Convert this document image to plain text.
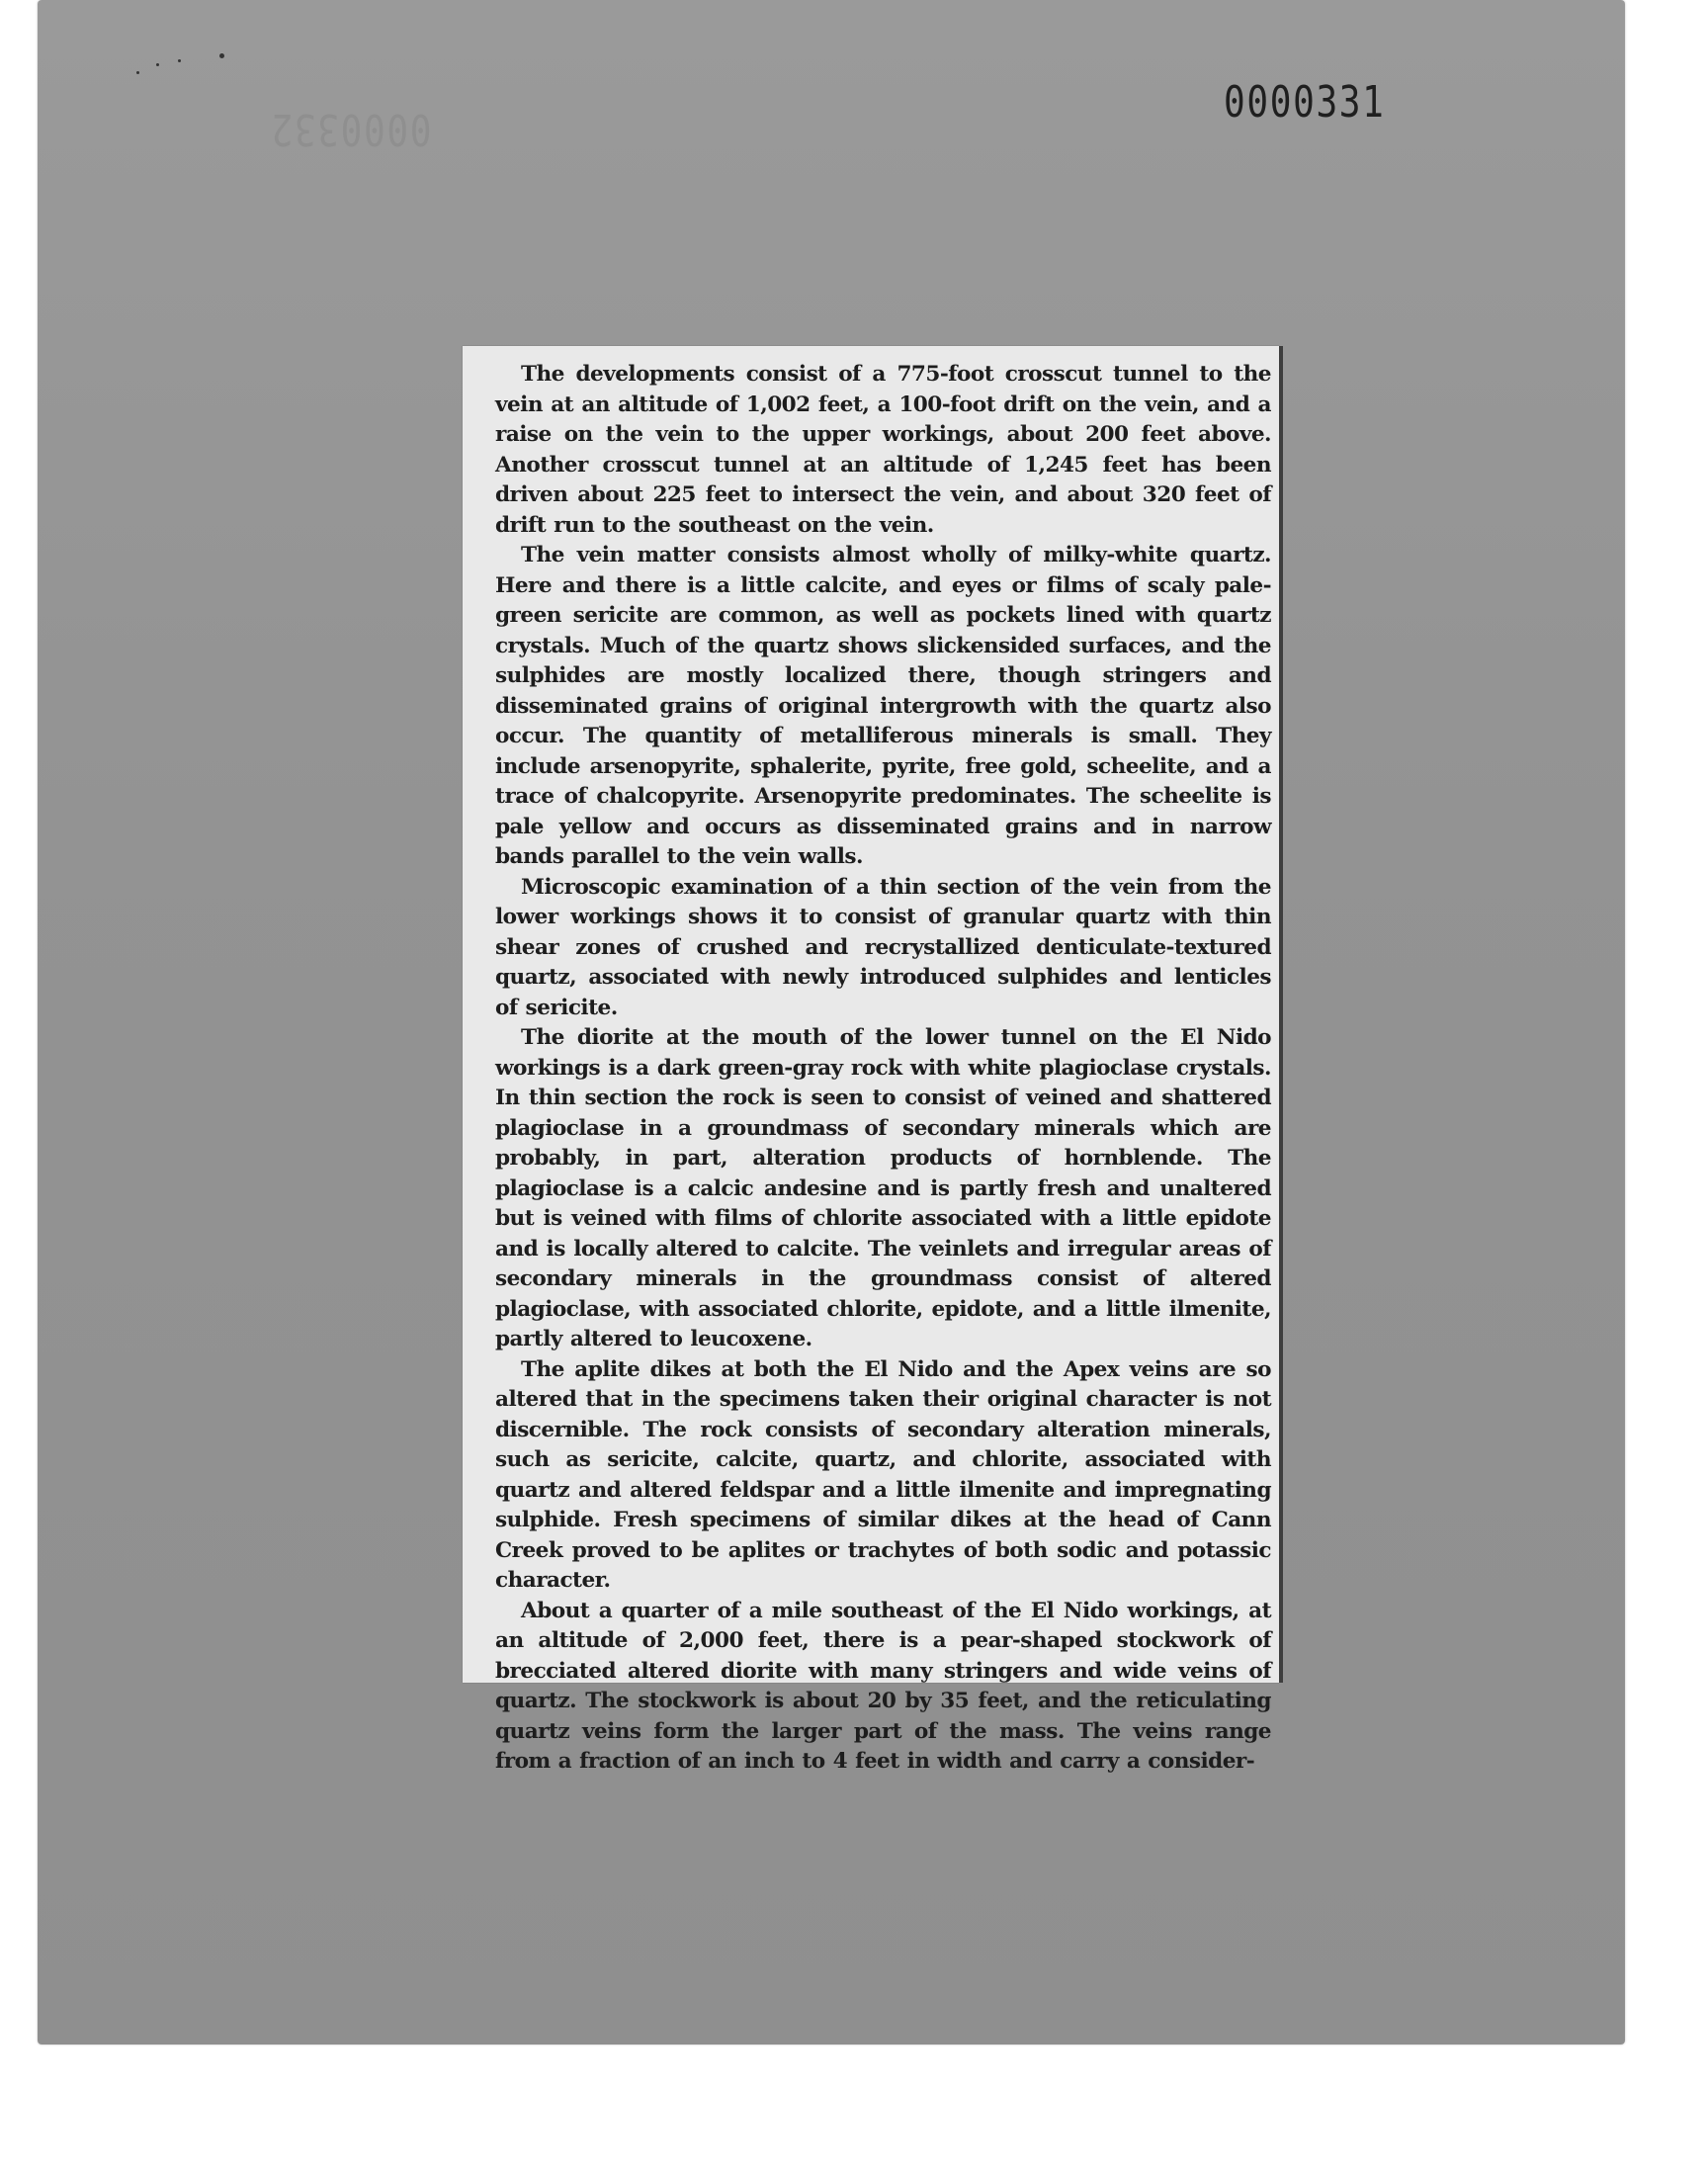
0000332
0000331

The developments consist of a 775-foot crosscut tunnel to the vein at an altitude of 1,002 feet, a 100-foot drift on the vein, and a raise on the vein to the upper workings, about 200 feet above. Another crosscut tunnel at an altitude of 1,245 feet has been driven about 225 feet to intersect the vein, and about 320 feet of drift run to the southeast on the vein.

The vein matter consists almost wholly of milky-white quartz. Here and there is a little calcite, and eyes or films of scaly pale-green sericite are common, as well as pockets lined with quartz crystals. Much of the quartz shows slickensided surfaces, and the sulphides are mostly localized there, though stringers and disseminated grains of original intergrowth with the quartz also occur. The quantity of metalliferous minerals is small. They include arsenopyrite, sphalerite, pyrite, free gold, scheelite, and a trace of chalcopyrite. Arsenopyrite predominates. The scheelite is pale yellow and occurs as disseminated grains and in narrow bands parallel to the vein walls.

Microscopic examination of a thin section of the vein from the lower workings shows it to consist of granular quartz with thin shear zones of crushed and recrystallized denticulate-textured quartz, associated with newly introduced sulphides and lenticles of sericite.

The diorite at the mouth of the lower tunnel on the El Nido workings is a dark green-gray rock with white plagioclase crystals. In thin section the rock is seen to consist of veined and shattered plagioclase in a groundmass of secondary minerals which are probably, in part, alteration products of hornblende. The plagioclase is a calcic andesine and is partly fresh and unaltered but is veined with films of chlorite associated with a little epidote and is locally altered to calcite. The veinlets and irregular areas of secondary minerals in the groundmass consist of altered plagioclase, with associated chlorite, epidote, and a little ilmenite, partly altered to leucoxene.

The aplite dikes at both the El Nido and the Apex veins are so altered that in the specimens taken their original character is not discernible. The rock consists of secondary alteration minerals, such as sericite, calcite, quartz, and chlorite, associated with quartz and altered feldspar and a little ilmenite and impregnating sulphide. Fresh specimens of similar dikes at the head of Cann Creek proved to be aplites or trachytes of both sodic and potassic character.

About a quarter of a mile southeast of the El Nido workings, at an altitude of 2,000 feet, there is a pear-shaped stockwork of brecciated altered diorite with many stringers and wide veins of quartz. The stockwork is about 20 by 35 feet, and the reticulating quartz veins form the larger part of the mass. The veins range from a fraction of an inch to 4 feet in width and carry a consider-
